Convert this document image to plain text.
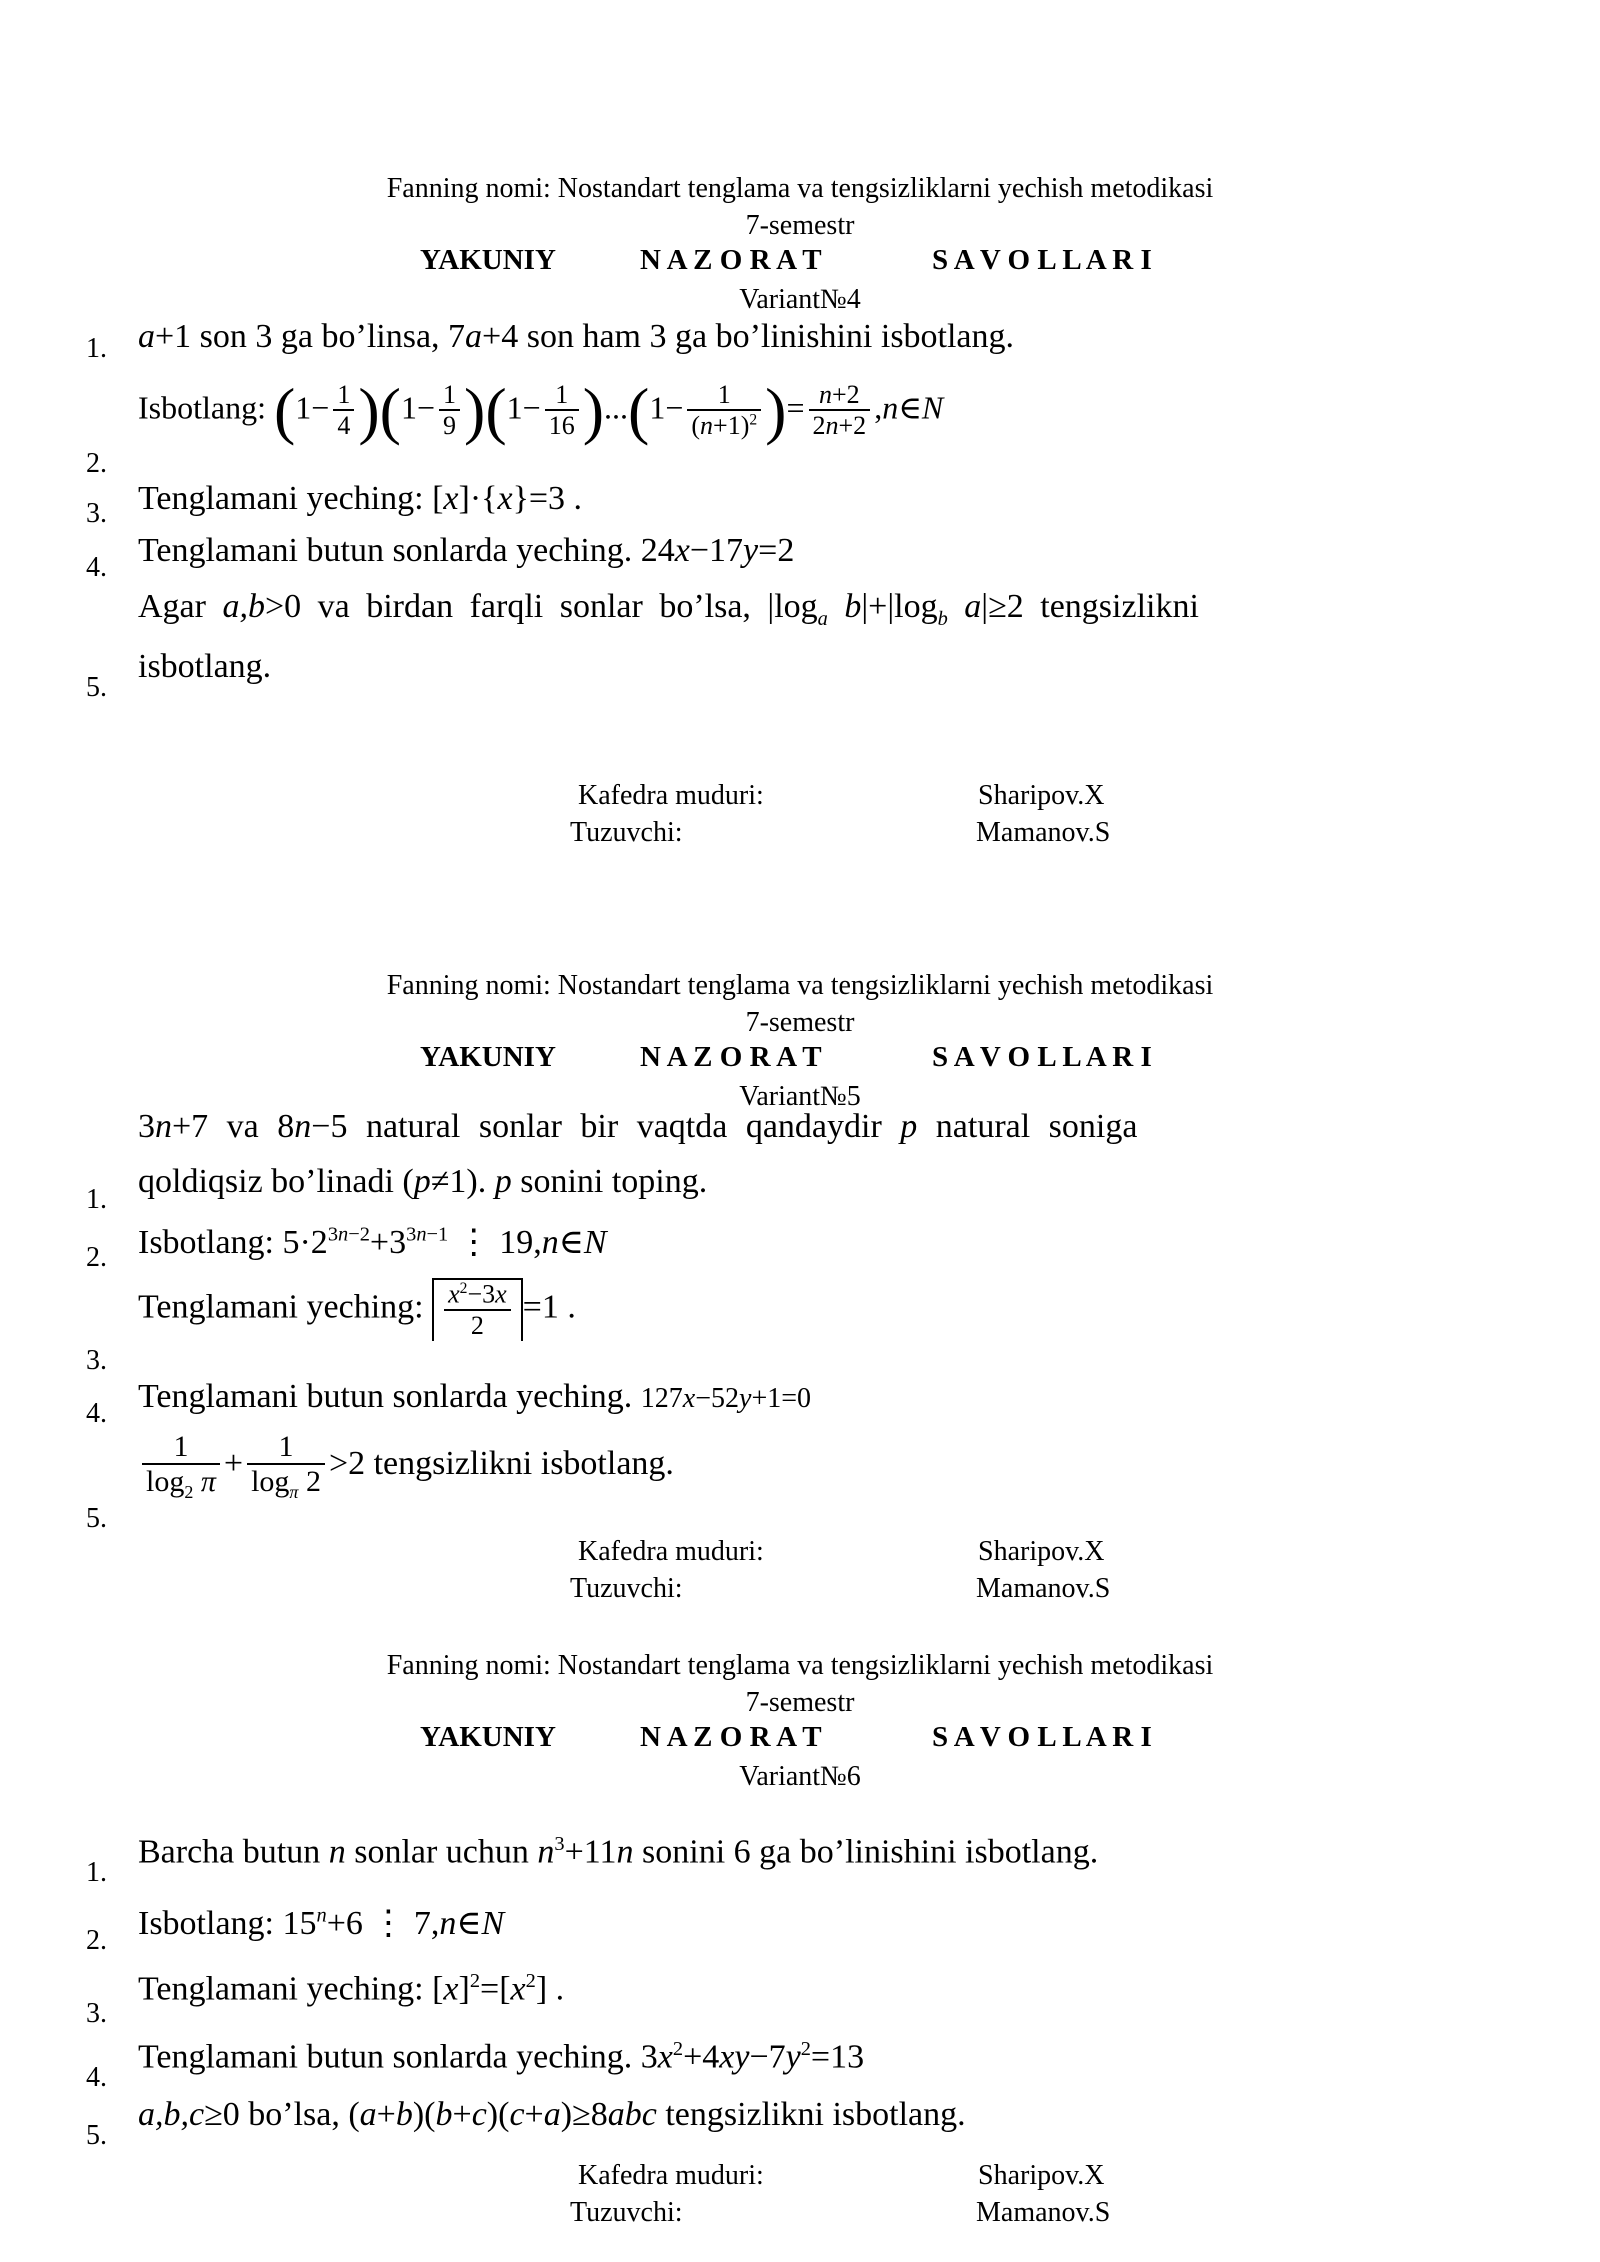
Fanning nomi: Nostandart tenglama va tengsizliklarni yechish metodikasi
7-semestr
YAKUNIY	N A Z O R A T	S A V O L L A R I
Variant№4
1. a+1 son 3 ga bo’linsa, 7a+4 son ham 3 ga bo’linishini isbotlang.
2.
Isbotlang: $(1- \frac{1}{4} )(1- \frac{1}{9} )(1- \frac{1}{16} )...(1- \frac{1}{(n+1)^2}$ )= $\frac{n+2}{2n+2}$ ,n∈N
3. Tenglamani yeching: [x]·{x}=3 .
4. Tenglamani butun sonlarda yeching. 24x−17y=2
5.
Agar a,b>0 va birdan farqli sonlar bo’lsa, $|\log_a$ $b|+|\log_b$ a|≥2 tengsizlikni
isbotlang.
Kafedra muduri:	Sharipov.X
Tuzuvchi:	Mamanov.S
Fanning nomi: Nostandart tenglama va tengsizliklarni yechish metodikasi
7-semestr
YAKUNIY	N A Z O R A T	S A V O L L A R I
Variant№5
3n+7 va 8n−5 natural sonlar bir vaqtda qandaydir p natural soniga
1. qoldiqsiz bo’linadi (p≠1). p sonini toping.
2. Isbotlang: $5\cdot 2^{3n-2}+3^{3n-1}$ ⋮ 19,n∈N
3.
Tenglamani yeching: $\frac{x^2-3x}{2} =1$ .
4. Tenglamani butun sonlarda yeching. 127x−52y+1=0
5.
$\frac{1}{\log_2 \pi} + \frac{1}{\log_\pi 2} >2$ tengsizlikni isbotlang.
Kafedra muduri:	Sharipov.X
Tuzuvchi:	Mamanov.S
Fanning nomi: Nostandart tenglama va tengsizliklarni yechish metodikasi
7-semestr
YAKUNIY	N A Z O R A T	S A V O L L A R I
Variant№6
1.
Barcha butun n sonlar uchun $n^3+11n$ sonini 6 ga bo’linishini isbotlang.
2. Isbotlang: $15^n+6$ ⋮ 7,n∈N
3.
Tenglamani yeching: $[x]^2=[x^2]$ .
4.
Tenglamani butun sonlarda yeching. $3x^2+4xy-7y^2=13$
5.
a,b,c≥0 bo’lsa, (a+b)(b+c)(c+a)≥8abc tengsizlikni isbotlang.
Kafedra muduri:	Sharipov.X
Tuzuvchi:	Mamanov.S
